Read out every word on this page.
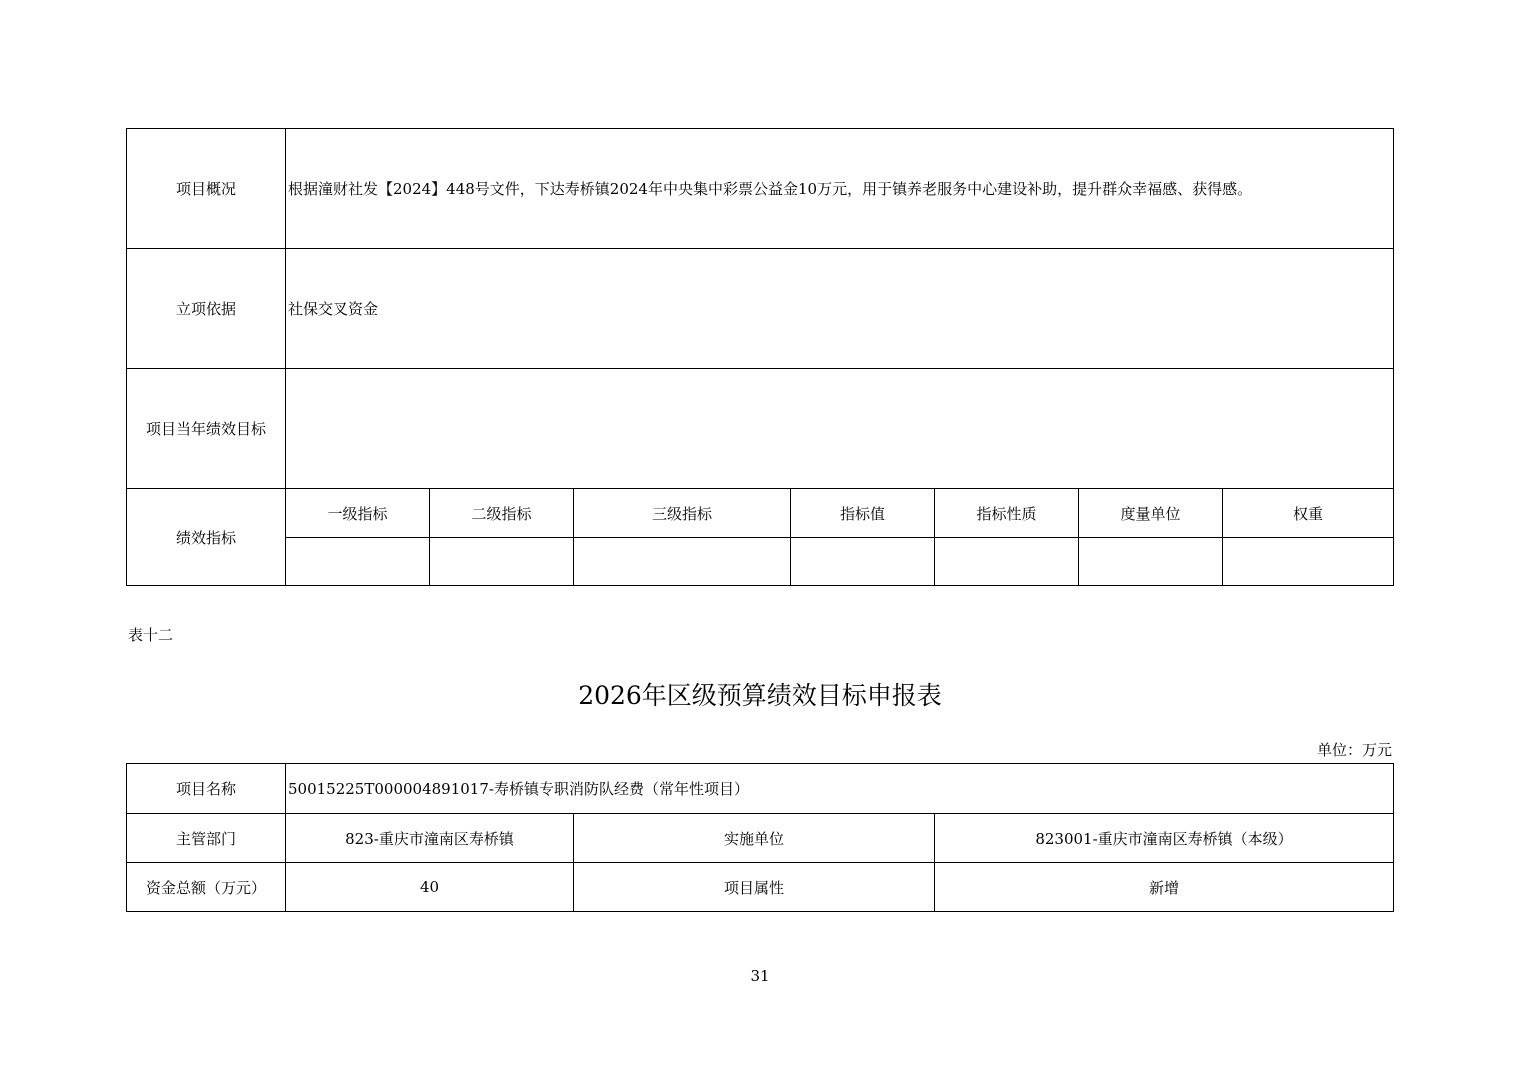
项目概况	根据潼财社发【2024】448号文件，下达寿桥镇2024年中央集中彩票公益金10万元，用于镇养老服务中心建设补助，提升群众幸福感、获得感。						
立项依据	社保交叉资金						
项目当年绩效目标							
绩效指标	一级指标	二级指标	三级指标	指标值	指标性质	度量单位	权重

表十二
2026年区级预算绩效目标申报表
单位：万元
项目名称	50015225T000004891017-寿桥镇专职消防队经费（常年性项目）		
主管部门	823-重庆市潼南区寿桥镇	实施单位	823001-重庆市潼南区寿桥镇（本级）
资金总额（万元）	40	项目属性	新增
31
